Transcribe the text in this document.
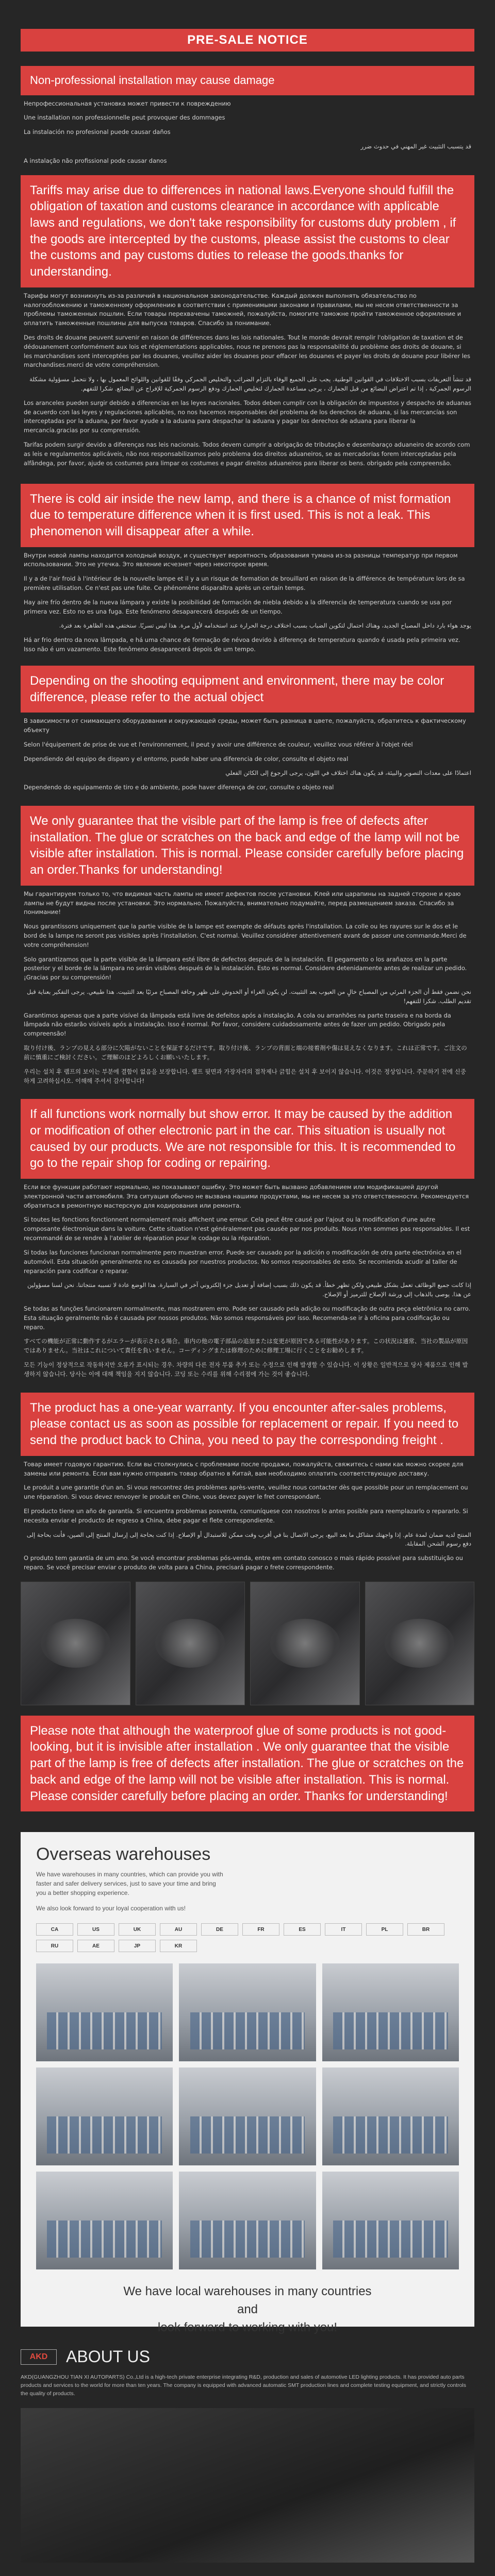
PRE-SALE NOTICE
Non-professional installation may cause damage

Непрофессиональная установка может привести к повреждению

Une installation non professionnelle peut provoquer des dommages

La instalación no profesional puede causar daños

قد يتسبب التثبيت غير المهني في حدوث ضرر

A instalação não profissional pode causar danos

Tariffs may arise due to differences in national laws.Everyone should fulfill the obligation of taxation and customs clearance in accordance with applicable laws and regulations, we don't take responsibility for customs duty problem , if the goods are intercepted by the customs, please assist the customs to clear the customs and pay customs duties to release the goods.thanks for understanding.

Тарифы могут возникнуть из-за различий в национальном законодательстве. Каждый должен выполнять обязательство по налогообложению и таможенному оформлению в соответствии с применимыми законами и правилами, мы не несем ответственности за проблемы таможенных пошлин. Если товары перехвачены таможней, пожалуйста, помогите таможне пройти таможенное оформление и оплатить таможенные пошлины для выпуска товаров. Спасибо за понимание.

Des droits de douane peuvent survenir en raison de différences dans les lois nationales. Tout le monde devrait remplir l'obligation de taxation et de dédouanement conformément aux lois et réglementations applicables, nous ne prenons pas la responsabilité du problème des droits de douane, si les marchandises sont interceptées par les douanes, veuillez aider les douanes pour effacer les douanes et payer les droits de douane pour libérer les marchandises.merci de votre compréhension.

قد تنشأ التعريفات بسبب الاختلافات في القوانين الوطنية. يجب على الجميع الوفاء بالتزام الضرائب والتخليص الجمركي وفقًا للقوانين واللوائح المعمول بها ، ولا نتحمل مسؤولية مشكلة الرسوم الجمركية ، إذا تم اعتراض البضائع من قبل الجمارك ، يرجى مساعدة الجمارك لتخليص الجمارك ودفع الرسوم الجمركية للإفراج عن البضائع. شكرا للتفهم.

Los aranceles pueden surgir debido a diferencias en las leyes nacionales. Todos deben cumplir con la obligación de impuestos y despacho de aduanas de acuerdo con las leyes y regulaciones aplicables, no nos hacemos responsables del problema de los derechos de aduana, si las mercancías son interceptadas por la aduana, por favor ayude a la aduana para despachar la aduana y pagar los derechos de aduana para liberar la mercancía.gracias por su comprensión.

Tarifas podem surgir devido a diferenças nas leis nacionais. Todos devem cumprir a obrigação de tributação e desembaraço aduaneiro de acordo com as leis e regulamentos aplicáveis, não nos responsabilizamos pelo problema dos direitos aduaneiros, se as mercadorias forem interceptadas pela alfândega, por favor, ajude os costumes para limpar os costumes e pagar direitos aduaneiros para liberar os bens. obrigado pela compreensão.

There is cold air inside the new lamp, and there is a chance of mist formation due to temperature difference when it is first used. This is not a leak. This phenomenon will disappear after a while.

Внутри новой лампы находится холодный воздух, и существует вероятность образования тумана из-за разницы температур при первом использовании. Это не утечка. Это явление исчезнет через некоторое время.

Il y a de l'air froid à l'intérieur de la nouvelle lampe et il y a un risque de formation de brouillard en raison de la différence de température lors de sa première utilisation. Ce n'est pas une fuite. Ce phénomène disparaîtra après un certain temps.

Hay aire frío dentro de la nueva lámpara y existe la posibilidad de formación de niebla debido a la diferencia de temperatura cuando se usa por primera vez. Esto no es una fuga. Este fenómeno desaparecerá después de un tiempo.

يوجد هواء بارد داخل المصباح الجديد، وهناك احتمال لتكوين الضباب بسبب اختلاف درجة الحرارة عند استخدامه لأول مرة. هذا ليس تسربًا. ستختفي هذه الظاهرة بعد فترة.

Há ar frio dentro da nova lâmpada, e há uma chance de formação de névoa devido à diferença de temperatura quando é usada pela primeira vez. Isso não é um vazamento. Este fenômeno desaparecerá depois de um tempo.

Depending on the shooting equipment and environment, there may be color difference, please refer to the actual object

В зависимости от снимающего оборудования и окружающей среды, может быть разница в цвете, пожалуйста, обратитесь к фактическому объекту

Selon l'équipement de prise de vue et l'environnement, il peut y avoir une différence de couleur, veuillez vous référer à l'objet réel

Dependiendo del equipo de disparo y el entorno, puede haber una diferencia de color, consulte el objeto real

اعتمادًا على معدات التصوير والبيئة، قد يكون هناك اختلاف في اللون، يرجى الرجوع إلى الكائن الفعلي

Dependendo do equipamento de tiro e do ambiente, pode haver diferença de cor, consulte o objeto real

We only guarantee that the visible part of the lamp is free of defects after installation. The glue or scratches on the back and edge of the lamp will not be visible after installation. This is normal. Please consider carefully before placing an order.Thanks for understanding!

Мы гарантируем только то, что видимая часть лампы не имеет дефектов после установки. Клей или царапины на задней стороне и краю лампы не будут видны после установки. Это нормально. Пожалуйста, внимательно подумайте, перед размещением заказа. Спасибо за понимание!

Nous garantissons uniquement que la partie visible de la lampe est exempte de défauts après l'installation. La colle ou les rayures sur le dos et le bord de la lampe ne seront pas visibles après l'installation. C'est normal. Veuillez considérer attentivement avant de passer une commande.Merci de votre compréhension!

Solo garantizamos que la parte visible de la lámpara esté libre de defectos después de la instalación. El pegamento o los arañazos en la parte posterior y el borde de la lámpara no serán visibles después de la instalación. Esto es normal. Considere detenidamente antes de realizar un pedido.¡Gracias por su comprensión!

نحن نضمن فقط أن الجزء المرئي من المصباح خالٍ من العيوب بعد التثبيت. لن يكون الغراء أو الخدوش على ظهر وحافة المصباح مرئيًا بعد التثبيت. هذا طبيعي. يرجى التفكير بعناية قبل تقديم الطلب. شكرا للتفهم!

Garantimos apenas que a parte visível da lâmpada está livre de defeitos após a instalação. A cola ou arranhões na parte traseira e na borda da lâmpada não estarão visíveis após a instalação. Isso é normal. Por favor, considere cuidadosamente antes de fazer um pedido. Obrigado pela compreensão!

取り付け後、ランプの見える部分に欠陥がないことを保証するだけです。取り付け後、ランプの背面と端の接着剤や傷は見えなくなります。これは正常です。ご注文の前に慎重にご検討ください。ご理解のほどよろしくお願いいたします。

우리는 설치 후 램프의 보이는 부분에 결함이 없음을 보장합니다. 램프 뒷면과 가장자리의 접착제나 긁힘은 설치 후 보이지 않습니다. 이것은 정상입니다. 주문하기 전에 신중하게 고려하십시오. 이해해 주셔서 감사합니다!

If all functions work normally but show error. It may be caused by the addition or modification of other electronic part in the car. This situation is usually not caused by our products. We are not responsible for this. It is recommended to go to the repair shop for coding or repairing.

Если все функции работают нормально, но показывают ошибку. Это может быть вызвано добавлением или модификацией другой электронной части автомобиля. Эта ситуация обычно не вызвана нашими продуктами, мы не несем за это ответственности. Рекомендуется обратиться в ремонтную мастерскую для кодирования или ремонта.

Si toutes les fonctions fonctionnent normalement mais affichent une erreur. Cela peut être causé par l'ajout ou la modification d'une autre composante électronique dans la voiture. Cette situation n'est généralement pas causée par nos produits. Nous n'en sommes pas responsables. Il est recommandé de se rendre à l'atelier de réparation pour le codage ou la réparation.

Si todas las funciones funcionan normalmente pero muestran error. Puede ser causado por la adición o modificación de otra parte electrónica en el automóvil. Esta situación generalmente no es causada por nuestros productos. No somos responsables de esto. Se recomienda acudir al taller de reparación para codificar o reparar.

إذا كانت جميع الوظائف تعمل بشكل طبيعي ولكن تظهر خطأ. قد يكون ذلك بسبب إضافة أو تعديل جزء إلكتروني آخر في السيارة. هذا الوضع عادة لا تسببه منتجاتنا. نحن لسنا مسؤولين عن هذا. يوصى بالذهاب إلى ورشة الإصلاح للترميز أو الإصلاح.

Se todas as funções funcionarem normalmente, mas mostrarem erro. Pode ser causado pela adição ou modificação de outra peça eletrônica no carro. Esta situação geralmente não é causada por nossos produtos. Não somos responsáveis por isso. Recomenda-se ir à oficina para codificação ou reparo.

すべての機能が正常に動作するがエラーが表示される場合。車内の他の電子部品の追加または変更が原因である可能性があります。この状況は通常、当社の製品が原因ではありません。当社はこれについて責任を負いません。コーディングまたは修理のために修理工場に行くことをお勧めします。

모든 기능이 정상적으로 작동하지만 오류가 표시되는 경우. 차량의 다른 전자 부품 추가 또는 수정으로 인해 발생할 수 있습니다. 이 상황은 일반적으로 당사 제품으로 인해 발생하지 않습니다. 당사는 이에 대해 책임을 지지 않습니다. 코딩 또는 수리를 위해 수리점에 가는 것이 좋습니다.

The product has a one-year warranty. If you encounter after-sales problems, please contact us as soon as possible for replacement or repair. If you need to send the product back to China, you need to pay the corresponding freight .

Товар имеет годовую гарантию. Если вы столкнулись с проблемами после продажи, пожалуйста, свяжитесь с нами как можно скорее для замены или ремонта. Если вам нужно отправить товар обратно в Китай, вам необходимо оплатить соответствующую доставку.

Le produit a une garantie d'un an. Si vous rencontrez des problèmes après-vente, veuillez nous contacter dès que possible pour un remplacement ou une réparation. Si vous devez renvoyer le produit en Chine, vous devez payer le fret correspondant.

El producto tiene un año de garantía. Si encuentra problemas posventa, comuníquese con nosotros lo antes posible para reemplazarlo o repararlo. Si necesita enviar el producto de regreso a China, debe pagar el flete correspondiente.

المنتج لديه ضمان لمدة عام. إذا واجهتك مشاكل ما بعد البيع، يرجى الاتصال بنا في أقرب وقت ممكن للاستبدال أو الإصلاح. إذا كنت بحاجة إلى إرسال المنتج إلى الصين، فأنت بحاجة إلى دفع رسوم الشحن المقابلة.

O produto tem garantia de um ano. Se você encontrar problemas pós-venda, entre em contato conosco o mais rápido possível para substituição ou reparo. Se você precisar enviar o produto de volta para a China, precisará pagar o frete correspondente.

Please note that although the waterproof glue of some products is not good-looking, but it is invisible after installation . We only guarantee that the visible part of the lamp is free of defects after installation. The glue or scratches on the back and edge of the lamp will not be visible after installation. This is normal. Please consider carefully before placing an order. Thanks for understanding!
Overseas warehouses

We have warehouses in many countries, which can provide you with faster and safer delivery services, just to save your time and bring you a better shopping experience.

We also look forward to your loyal cooperation with us!

CA	US	UK	AU	DE	FR	ES	IT	PL	BR
RU	AE	JP	KR
We have local warehouses in many countries
and
look forward to working with you!
AKD	ABOUT US

AKD(GUANGZHOU TIAN XI AUTOPARTS) Co.,Ltd is a high-tech private enterprise integrating R&D, production and sales of automotive LED lighting products. It has provided auto parts products and services to the world for more than ten years. The company is equipped with advanced automatic SMT production lines and complete testing equipment, and strictly controls the quality of products.
